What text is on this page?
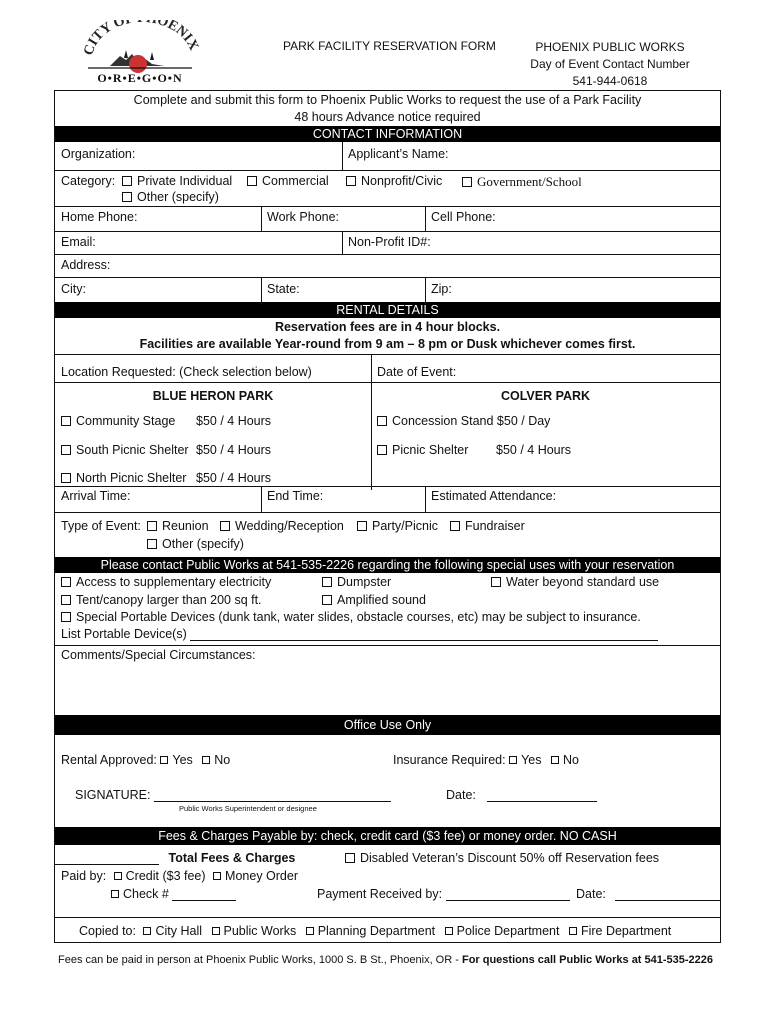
CITY O OENIX
O•R•E•G•O•N
PARK FACILITY RESERVATION FORM	PHOENIX PUBLIC WORKS
Day of Event Contact Number
541-944-0618
Complete and submit this form to Phoenix Public Works to request the use of a Park Facility
48 hours Advance notice required
CONTACT INFORMATION
Organization:	Applicant’s Name:
Category:	Private Individual	Commercial	Nonprofit/Civic	Government/School
Other (specify)
Home Phone:	Work Phone:	Cell Phone:
Email:	Non-Profit ID#:
Address:
City:	State:	Zip:
RENTAL DETAILS
Reservation fees are in 4 hour blocks.
Facilities are available Year-round from 9 am – 8 pm or Dusk whichever comes first.
Location Requested: (Check selection below)	Date of Event:
BLUE HERON PARK	COLVER PARK
Community Stage $50 / 4 Hours	Concession Stand $50 / Day
South Picnic Shelter $50 / 4 Hours	Picnic Shelter $50 / 4 Hours
North Picnic Shelter $50 / 4 Hours
Arrival Time:	End Time:	Estimated Attendance:
Type of Event:	Reunion	Wedding/Reception	Party/Picnic	Fundraiser
Other (specify)
Please contact Public Works at 541-535-2226 regarding the following special uses with your reservation
Access to supplementary electricity	Dumpster	Water beyond standard use
Tent/canopy larger than 200 sq ft.	Amplified sound
Special Portable Devices (dunk tank, water slides, obstacle courses, etc) may be subject to insurance.
List Portable Device(s)
Comments/Special Circumstances:
Office Use Only
Rental Approved: Yes No	Insurance Required: Yes No
SIGNATURE:
Public Works Superintendent or designee
Date:
Fees & Charges Payable by: check, credit card ($3 fee) or money order. NO CASH
Total Fees & Charges	Disabled Veteran’s Discount 50% off Reservation fees
Paid by: Credit ($3 fee) Money Order
Check #	Payment Received by:	Date:
Copied to: City Hall Public Works Planning Department Police Department Fire Department
Fees can be paid in person at Phoenix Public Works, 1000 S. B St., Phoenix, OR - For questions call Public Works at 541-535-2226
